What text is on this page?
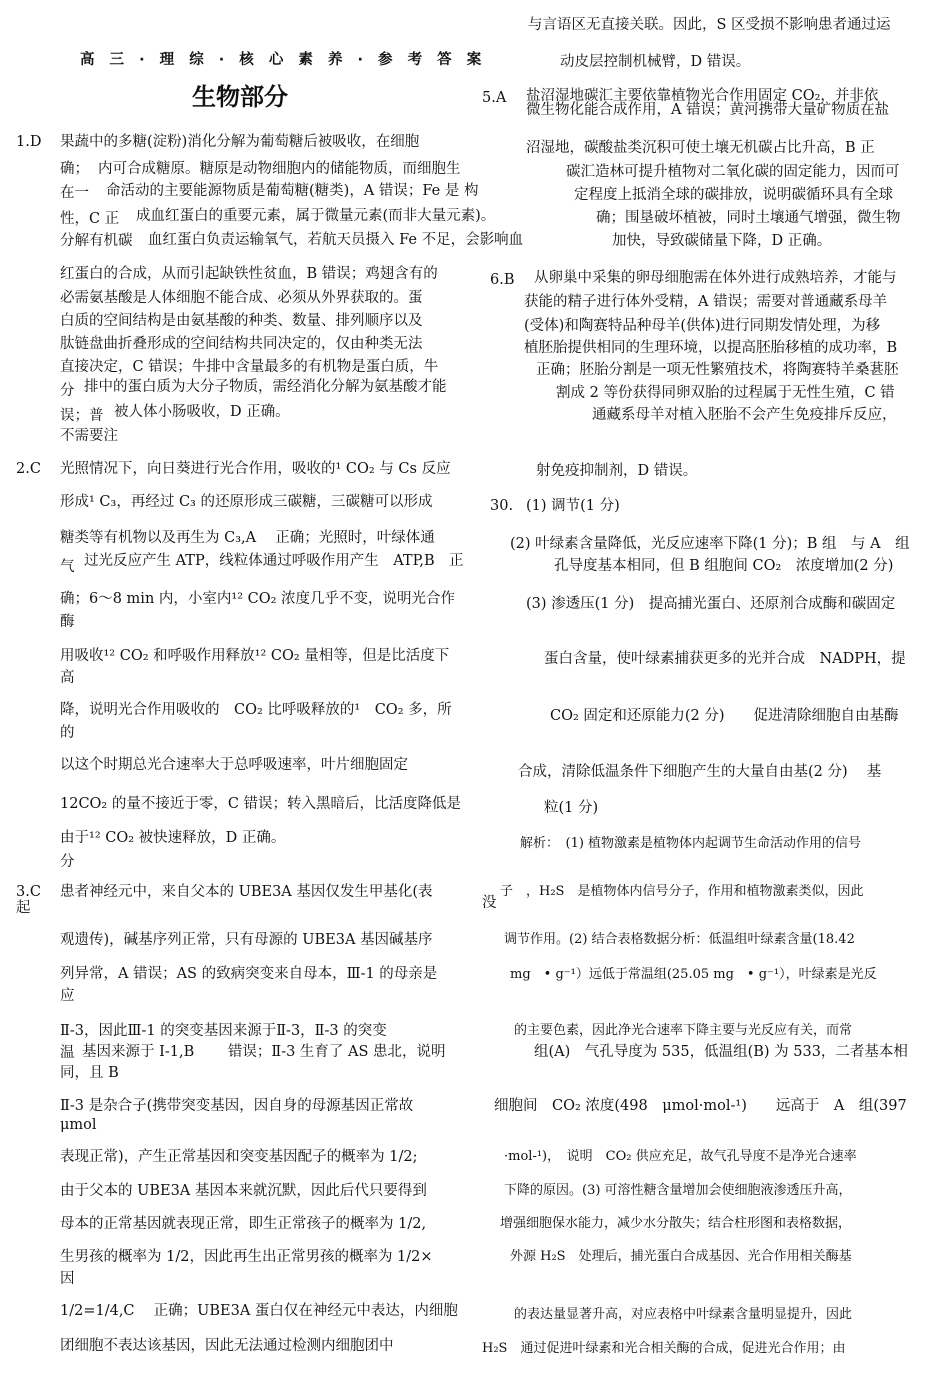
高 三 · 理 综 · 核 心 素 养 · 参 考 答 案
生物部分
1.D 果蔬中的多糖(淀粉)消化分解为葡萄糖后被吸收，在细胞
确； 内可合成糖原。糖原是动物细胞内的储能物质，而细胞生
在一 命活动的主要能源物质是葡萄糖(糖类)，A 错误；Fe 是 构
性，C 正 成血红蛋白的重要元素，属于微量元素(而非大量元素)。
分解有机碳 血红蛋白负责运输氧气，若航天员摄入 Fe 不足，会影响血
红蛋白的合成，从而引起缺铁性贫血，B 错误；鸡翅含有的
必需氨基酸是人体细胞不能合成、必须从外界获取的。蛋
白质的空间结构是由氨基酸的种类、数量、排列顺序以及
肽链盘曲折叠形成的空间结构共同决定的，仅由种类无法
直接决定，C 错误；牛排中含量最多的有机物是蛋白质，牛
分 排中的蛋白质为大分子物质，需经消化分解为氨基酸才能
误；普 被人体小肠吸收，D 正确。
不需要注
2.C 光照情况下，向日葵进行光合作用，吸收的¹ CO₂ 与 Cs 反应
形成¹ C₃，再经过 C₃ 的还原形成三碳糖，三碳糖可以形成
糖类等有机物以及再生为 C₃,A　 正确；光照时，叶绿体通
气 过光反应产生 ATP，线粒体通过呼吸作用产生　ATP,B　正
确；6～8 min 内，小室内¹² CO₂ 浓度几乎不变，说明光合作
酶
用吸收¹² CO₂ 和呼吸作用释放¹² CO₂ 量相等，但是比活度下
高
降，说明光合作用吸收的　CO₂ 比呼吸释放的¹　CO₂ 多，所
的
以这个时期总光合速率大于总呼吸速率，叶片细胞固定
12CO₂ 的量不接近于零，C 错误；转入黑暗后，比活度降低是
由于¹² CO₂ 被快速释放，D 正确。
分
3.C
起
患者神经元中，来自父本的 UBE3A 基因仅发生甲基化(表
观遗传)，碱基序列正常，只有母源的 UBE3A 基因碱基序
列异常，A 错误；AS 的致病突变来自母本，Ⅲ-1 的母亲是
应
Ⅱ-3，因此Ⅲ-1 的突变基因来源于Ⅱ-3，Ⅱ-3 的突变
温 基因来源于 I-1,B　　 错误；Ⅱ-3 生育了 AS 患北，说明
同，且 B
Ⅱ-3 是杂合子(携带突变基因，因自身的母源基因正常故
μmol
表现正常)，产生正常基因和突变基因配子的概率为 1/2;
由于父本的 UBE3A 基因本来就沉默，因此后代只要得到
母本的正常基因就表现正常，即生正常孩子的概率为 1/2,
生男孩的概率为 1/2，因此再生出正常男孩的概率为 1/2×
因
1/2=1/4,C　 正确；UBE3A 蛋白仅在神经元中表达，内细胞
团细胞不表达该基因，因此无法通过检测内细胞团中
与言语区无直接关联。因此，S 区受损不影响患者通过运
动皮层控制机械臂，D 错误。
5.A 盐沼湿地碳汇主要依靠植物光合作用固定 CO₂，并非依
微生物化能合成作用，A 错误；黄河携带大量矿物质在盐
沼湿地，碳酸盐类沉积可使土壤无机碳占比升高，B 正
碳汇造林可提升植物对二氧化碳的固定能力，因而可
定程度上抵消全球的碳排放，说明碳循环具有全球
确；围垦破坏植被，同时土壤通气增强，微生物
加快，导致碳储量下降，D 正确。
6.B 从卵巢中采集的卵母细胞需在体外进行成熟培养，才能与
获能的精子进行体外受精，A 错误；需要对普通藏系母羊
(受体)和陶赛特品种母羊(供体)进行同期发情处理，为移
植胚胎提供相同的生理环境，以提高胚胎移植的成功率，B
正确；胚胎分割是一项无性繁殖技术，将陶赛特羊桑葚胚
割成 2 等份获得同卵双胎的过程属于无性生殖，C 错
通藏系母羊对植入胚胎不会产生免疫排斥反应，
射免疫抑制剂，D 错误。
30. (1) 调节(1 分)
(2) 叶绿素含量降低，光反应速率下降(1 分)；B 组　与 A　组
孔导度基本相同，但 B 组胞间 CO₂　浓度增加(2 分)
(3) 渗透压(1 分)　提高捕光蛋白、还原剂合成酶和碳固定
蛋白含量，使叶绿素捕获更多的光并合成　NADPH，提
CO₂ 固定和还原能力(2 分)　　促进清除细胞自由基酶
合成，清除低温条件下细胞产生的大量自由基(2 分)　 基
粒(1 分)
解析：　(1) 植物激素是植物体内起调节生命活动作用的信号
没
子　，H₂S　是植物体内信号分子，作用和植物激素类似，因此
调节作用。(2) 结合表格数据分析：低温组叶绿素含量(18.42
mg　• g⁻¹）远低于常温组(25.05 mg　• g⁻¹），叶绿素是光反
的主要色素，因此净光合速率下降主要与光反应有关，而常
组(A)　气孔导度为 535，低温组(B) 为 533，二者基本相
细胞间　CO₂ 浓度(498　μmol·mol-¹)　　远高于　A　组(397
·mol-¹)，　说明　CO₂ 供应充足，故气孔导度不是净光合速率
下降的原因。(3) 可溶性糖含量增加会使细胞液渗透压升高，
增强细胞保水能力，减少水分散失；结合柱形图和表格数据，
外源 H₂S　处理后，捕光蛋白合成基因、光合作用相关酶基
的表达量显著升高，对应表格中叶绿素含量明显提升，因此
H₂S　通过促进叶绿素和光合相关酶的合成，促进光合作用；由
